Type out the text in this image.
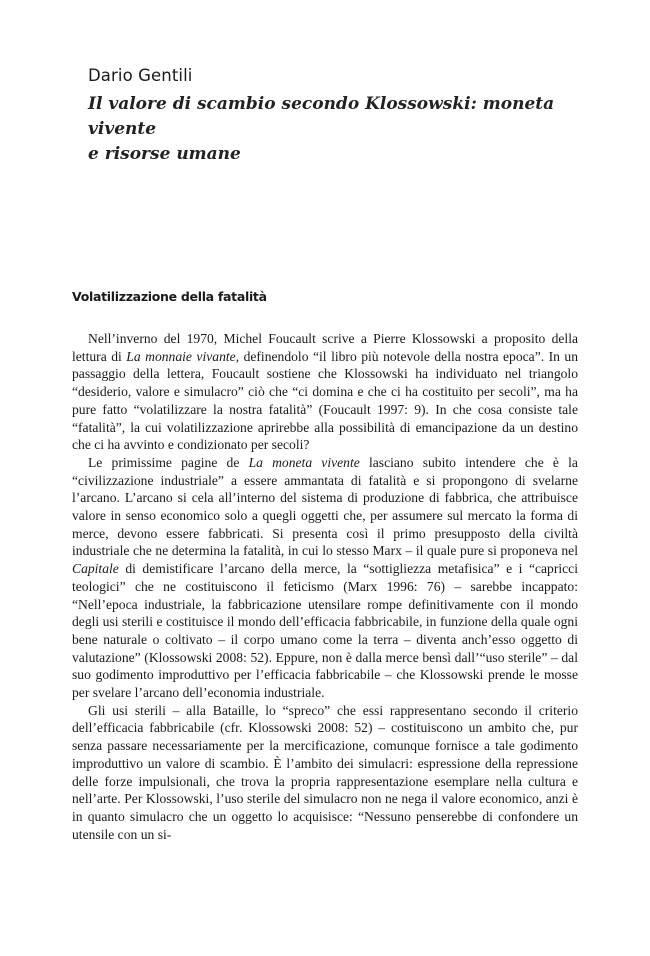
Dario Gentili
Il valore di scambio secondo Klossowski: moneta vivente
e risorse umane
Volatilizzazione della fatalità

Nell’inverno del 1970, Michel Foucault scrive a Pierre Klossowski a proposito della lettura di La monnaie vivante, definendolo “il libro più notevole della nostra epoca”. In un passaggio della lettera, Foucault sostiene che Klossowski ha individuato nel triangolo “desiderio, valore e simulacro” ciò che “ci domina e che ci ha costituito per secoli”, ma ha pure fatto “volatilizzare la nostra fatalità” (Foucault 1997: 9). In che cosa consiste tale “fatalità”, la cui volatilizzazione aprirebbe alla possibilità di emancipazione da un destino che ci ha avvinto e condizionato per secoli?

Le primissime pagine de La moneta vivente lasciano subito intendere che è la “civilizzazione industriale” a essere ammantata di fatalità e si propongono di svelarne l’arcano. L’arcano si cela all’interno del sistema di produzione di fabbrica, che attribuisce valore in senso economico solo a quegli oggetti che, per assumere sul mercato la forma di merce, devono essere fabbricati. Si presenta così il primo presupposto della civiltà industriale che ne determina la fatalità, in cui lo stesso Marx – il quale pure si proponeva nel Capitale di demistificare l’arcano della merce, la “sottigliezza metafisica” e i “capricci teologici” che ne costituiscono il feticismo (Marx 1996: 76) – sarebbe incappato: “Nell’epoca industriale, la fabbricazione utensilare rompe definitivamente con il mondo degli usi sterili e costituisce il mondo dell’efficacia fabbricabile, in funzione della quale ogni bene naturale o coltivato – il corpo umano come la terra – diventa anch’esso oggetto di valutazione” (Klossowski 2008: 52). Eppure, non è dalla merce bensì dall’“uso sterile” – dal suo godimento improduttivo per l’efficacia fabbricabile – che Klossowski prende le mosse per svelare l’arcano dell’economia industriale.

Gli usi sterili – alla Bataille, lo “spreco” che essi rappresentano secondo il criterio dell’efficacia fabbricabile (cfr. Klossowski 2008: 52) – costituiscono un ambito che, pur senza passare necessariamente per la mercificazione, comunque fornisce a tale godimento improduttivo un valore di scambio. È l’ambito dei simulacri: espressione della repressione delle forze impulsionali, che trova la propria rappresentazione esemplare nella cultura e nell’arte. Per Klossowski, l’uso sterile del simulacro non ne nega il valore economico, anzi è in quanto simulacro che un oggetto lo acquisisce: “Nessuno penserebbe di confondere un utensile con un si-
